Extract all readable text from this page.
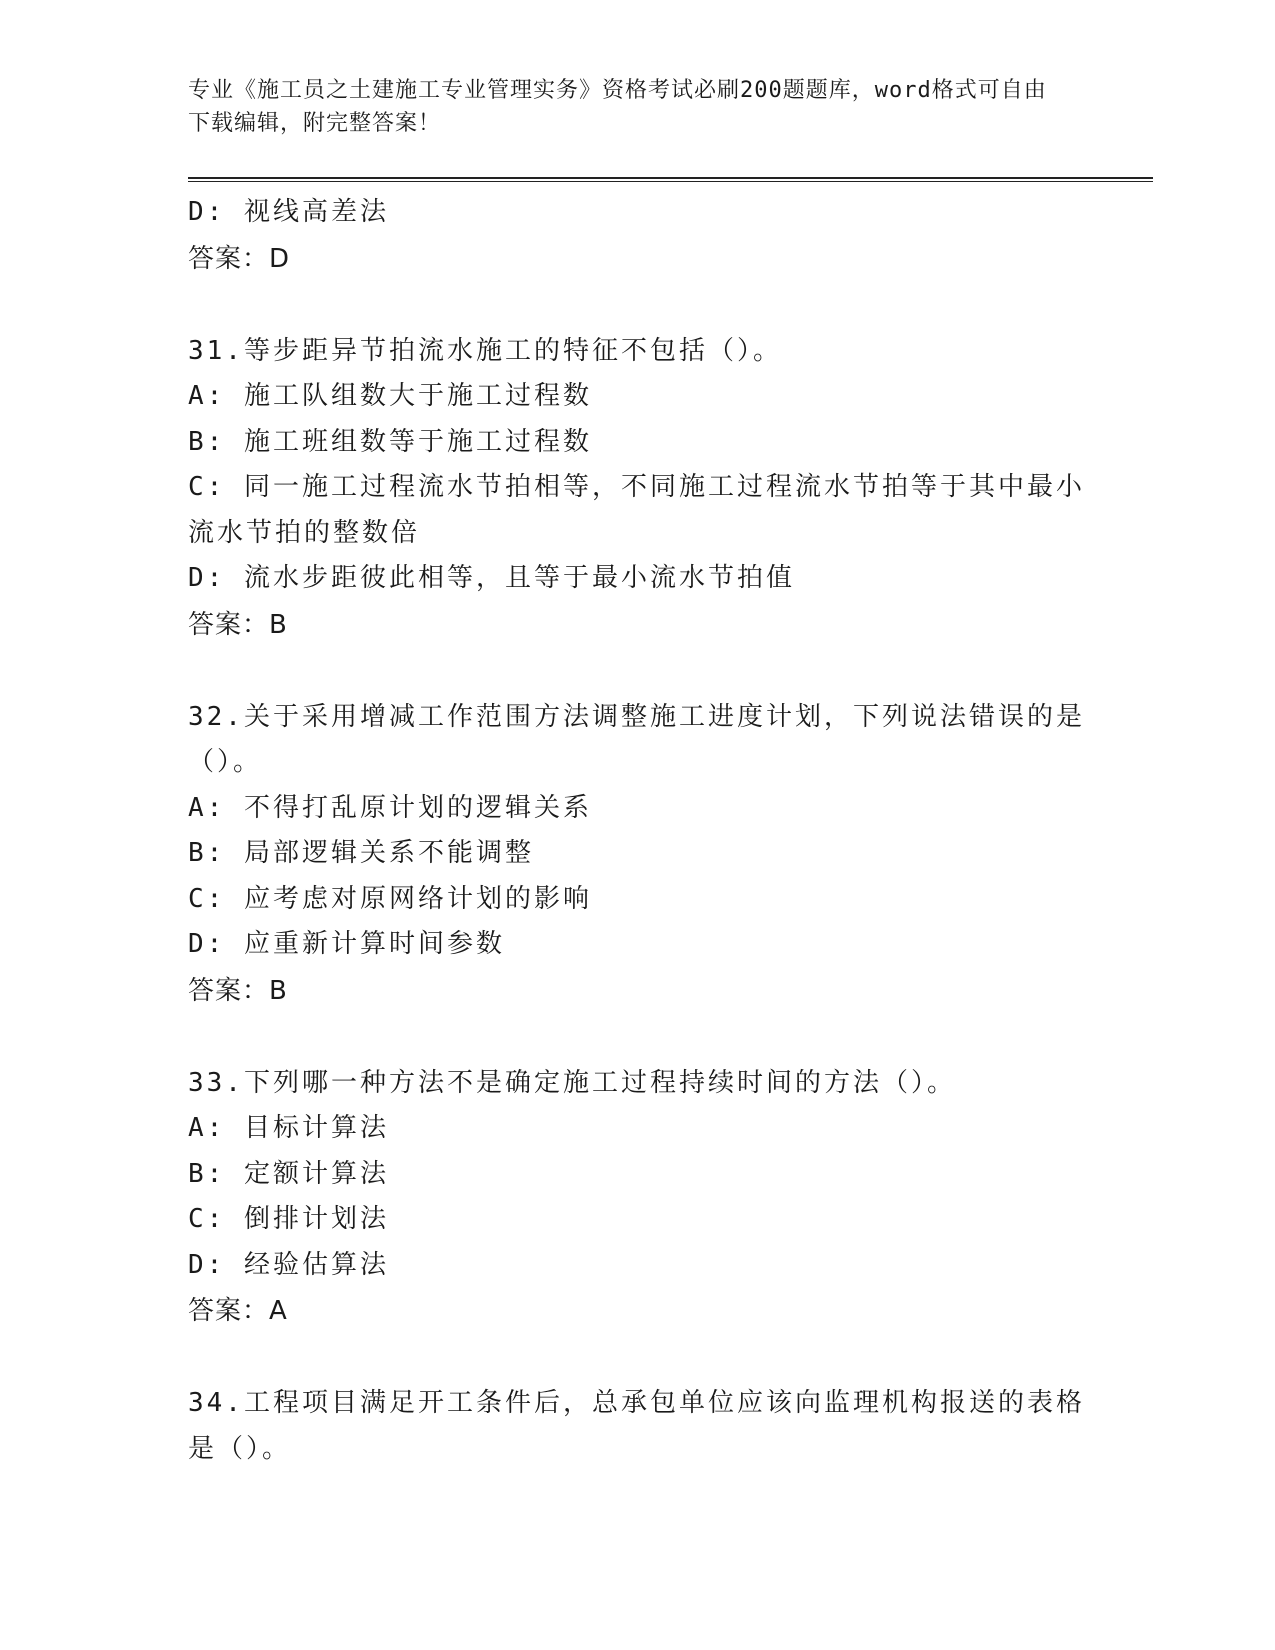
专业《施工员之土建施工专业管理实务》资格考试必刷200题题库，word格式可自由下载编辑，附完整答案！
D: 视线高差法
答案：D
31.等步距异节拍流水施工的特征不包括（）。
A: 施工队组数大于施工过程数
B: 施工班组数等于施工过程数
C: 同一施工过程流水节拍相等，不同施工过程流水节拍等于其中最小
流水节拍的整数倍
D: 流水步距彼此相等，且等于最小流水节拍值
答案：B
32.关于采用增减工作范围方法调整施工进度计划，下列说法错误的是
（）。
A: 不得打乱原计划的逻辑关系
B: 局部逻辑关系不能调整
C: 应考虑对原网络计划的影响
D: 应重新计算时间参数
答案：B
33.下列哪一种方法不是确定施工过程持续时间的方法（）。
A: 目标计算法
B: 定额计算法
C: 倒排计划法
D: 经验估算法
答案：A
34.工程项目满足开工条件后，总承包单位应该向监理机构报送的表格
是（）。
